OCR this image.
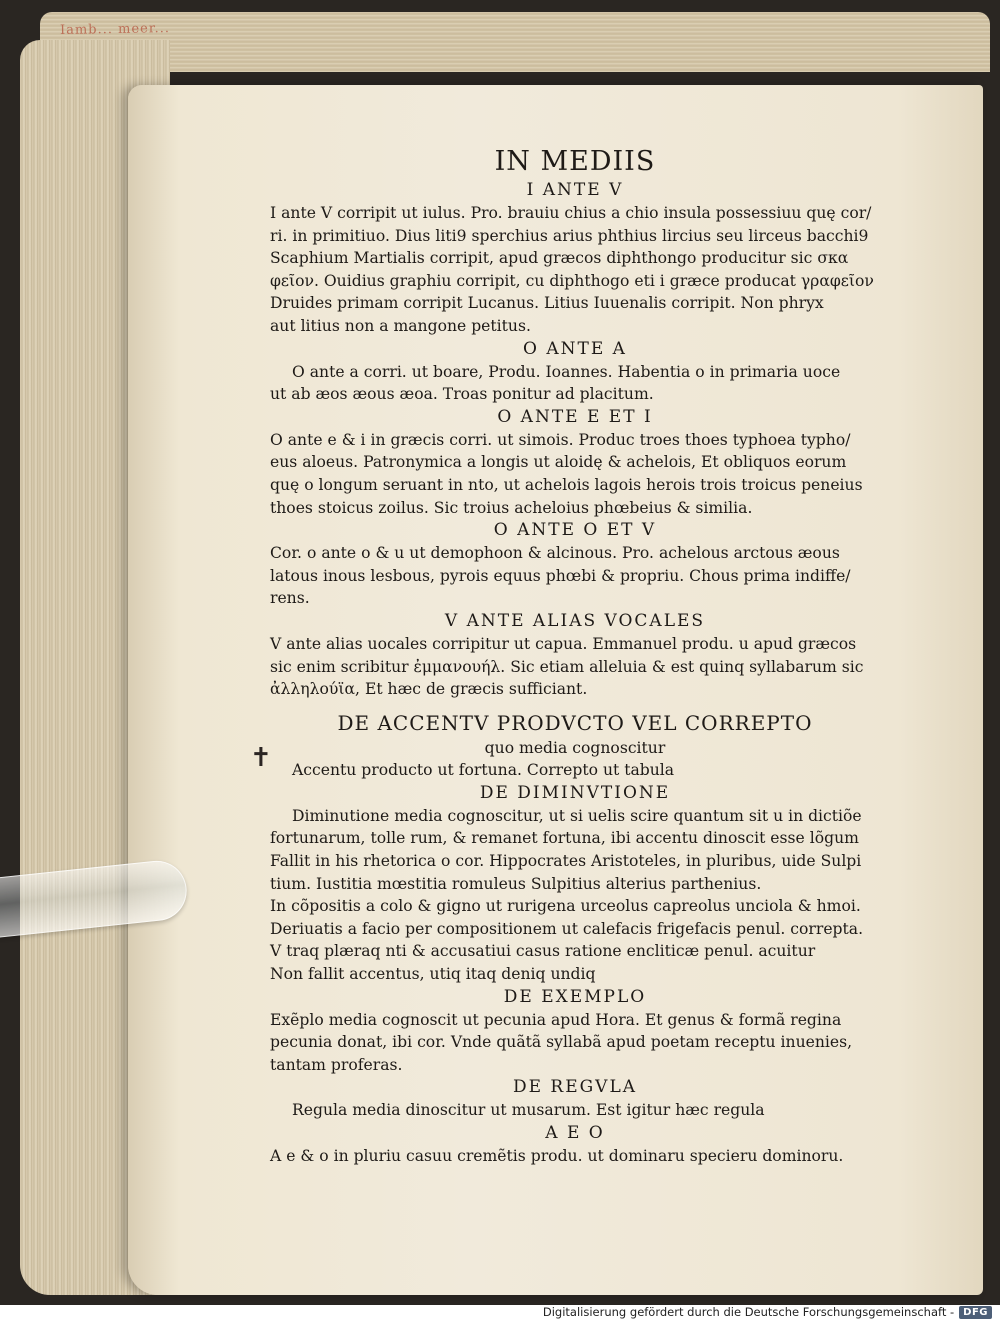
Iamb... meer...

IN MEDIIS

I ANTE V

I ante V corripit ut iulus. Pro. brauiu chius a chio insula possessiuu quę cor/

ri. in primitiuo. Dius liti9 sperchius arius phthius lircius seu lirceus bacchi9

Scaphium Martialis corripit, apud grӕcos diphthongo producitur sic σκα

φεῖον. Ouidius graphiu corripit, cu diphthogo eti i grӕce producat γραφεῖον

Druides primam corripit Lucanus. Litius Iuuenalis corripit. Non phryx

aut litius non a mangone petitus.

O ANTE A

O ante a corri. ut boare, Produ. Ioannes. Habentia o in primaria uoce

ut ab ӕos ӕous ӕoa. Troas ponitur ad placitum.

O ANTE E ET I

O ante e & i in grӕcis corri. ut simois. Produc troes thoes typhoea typho/

eus aloeus. Patronymica a longis ut aloidę & achelois, Et obliquos eorum

quę o longum seruant in nto, ut achelois lagois herois trois troicus peneius

thoes stoicus zoilus. Sic troius acheloius phœbeius & similia.

O ANTE O ET V

Cor. o ante o & u ut demophoon & alcinous. Pro. achelous arctous ӕous

latous inous lesbous, pyrois equus phœbi & propriu. Chous prima indiffe/

rens.

V ANTE ALIAS VOCALES

V ante alias uocales corripitur ut capua. Emmanuel produ. u apud grӕcos

sic enim scribitur ἐμμανουήλ. Sic etiam alleluia & est quinq syllabarum sic

ἀλληλούϊα, Et hӕc de grӕcis sufficiant.

DE ACCENTV PRODVCTO VEL CORREPTO

quo media cognoscitur

Accentu producto ut fortuna. Correpto ut tabula

DE DIMINVTIONE

Diminutione media cognoscitur, ut si uelis scire quantum sit u in dictiõe

fortunarum, tolle rum, & remanet fortuna, ibi accentu dinoscit esse lõgum

Fallit in his rhetorica o cor. Hippocrates Aristoteles, in pluribus, uide Sulpi

tium. Iustitia mœstitia romuleus Sulpitius alterius parthenius.

In cõpositis a colo & gigno ut rurigena urceolus capreolus unciola & hmoi.

Deriuatis a facio per compositionem ut calefacis frigefacis penul. correpta.

V traq plæraq nti & accusatiui casus ratione encliticӕ penul. acuitur

Non fallit accentus, utiq itaq deniq undiq

DE EXEMPLO

Exẽplo media cognoscit ut pecunia apud Hora. Et genus & formã regina

pecunia donat, ibi cor. Vnde quãtã syllabã apud poetam receptu inuenies,

tantam proferas.

DE REGVLA

Regula media dinoscitur ut musarum. Est igitur hӕc regula

A E O

A e & o in pluriu casuu cremẽtis produ. ut dominaru specieru dominoru.

✝
Digitalisierung gefördert durch die Deutsche Forschungsgemeinschaft - DFG
